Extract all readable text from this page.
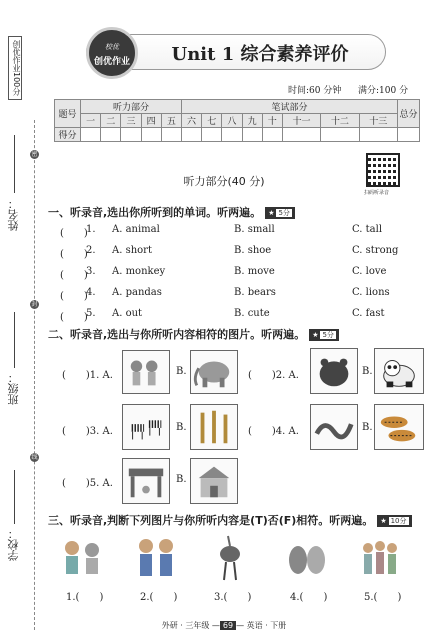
创优作业100分
密
封
线
姓名：
班级：
学校：
校优
创优作业	Unit 1 综合素养评价
时间:60 分钟 满分:100 分
题号	听力部分					笔试部分								总分
	一	二	三	四	五	六	七	八	九	十	十一	十二	十三	
得分														
扫码听录音
听力部分(40 分)
一、听录音,选出你所听到的单词。听两遍。 ★ 5分
(　　)
1. A. animal	B. small	C. tall
(　　)
2. A. short	B. shoe	C. strong
(　　)
3. A. monkey	B. move	C. love
(　　)
4. A. pandas	B. bears	C. lions
(　　)
5. A. out	B. cute	C. fast
二、听录音,选出与你所听内容相符的图片。听两遍。 ★ 5分
(　　)1. A.	B.	(　　)2. A.	B.
(　　)3. A.	B.	(　　)4. A.	B.
(　　)5. A.	B.
三、听录音,判断下列图片与你所听内容是(T)否(F)相符。听两遍。 ★ 10分
1.(　　)	2.(　　)	3.(　　)	4.(　　)	5.(　　)
外研 · 三年级 — 69 — 英语 · 下册
